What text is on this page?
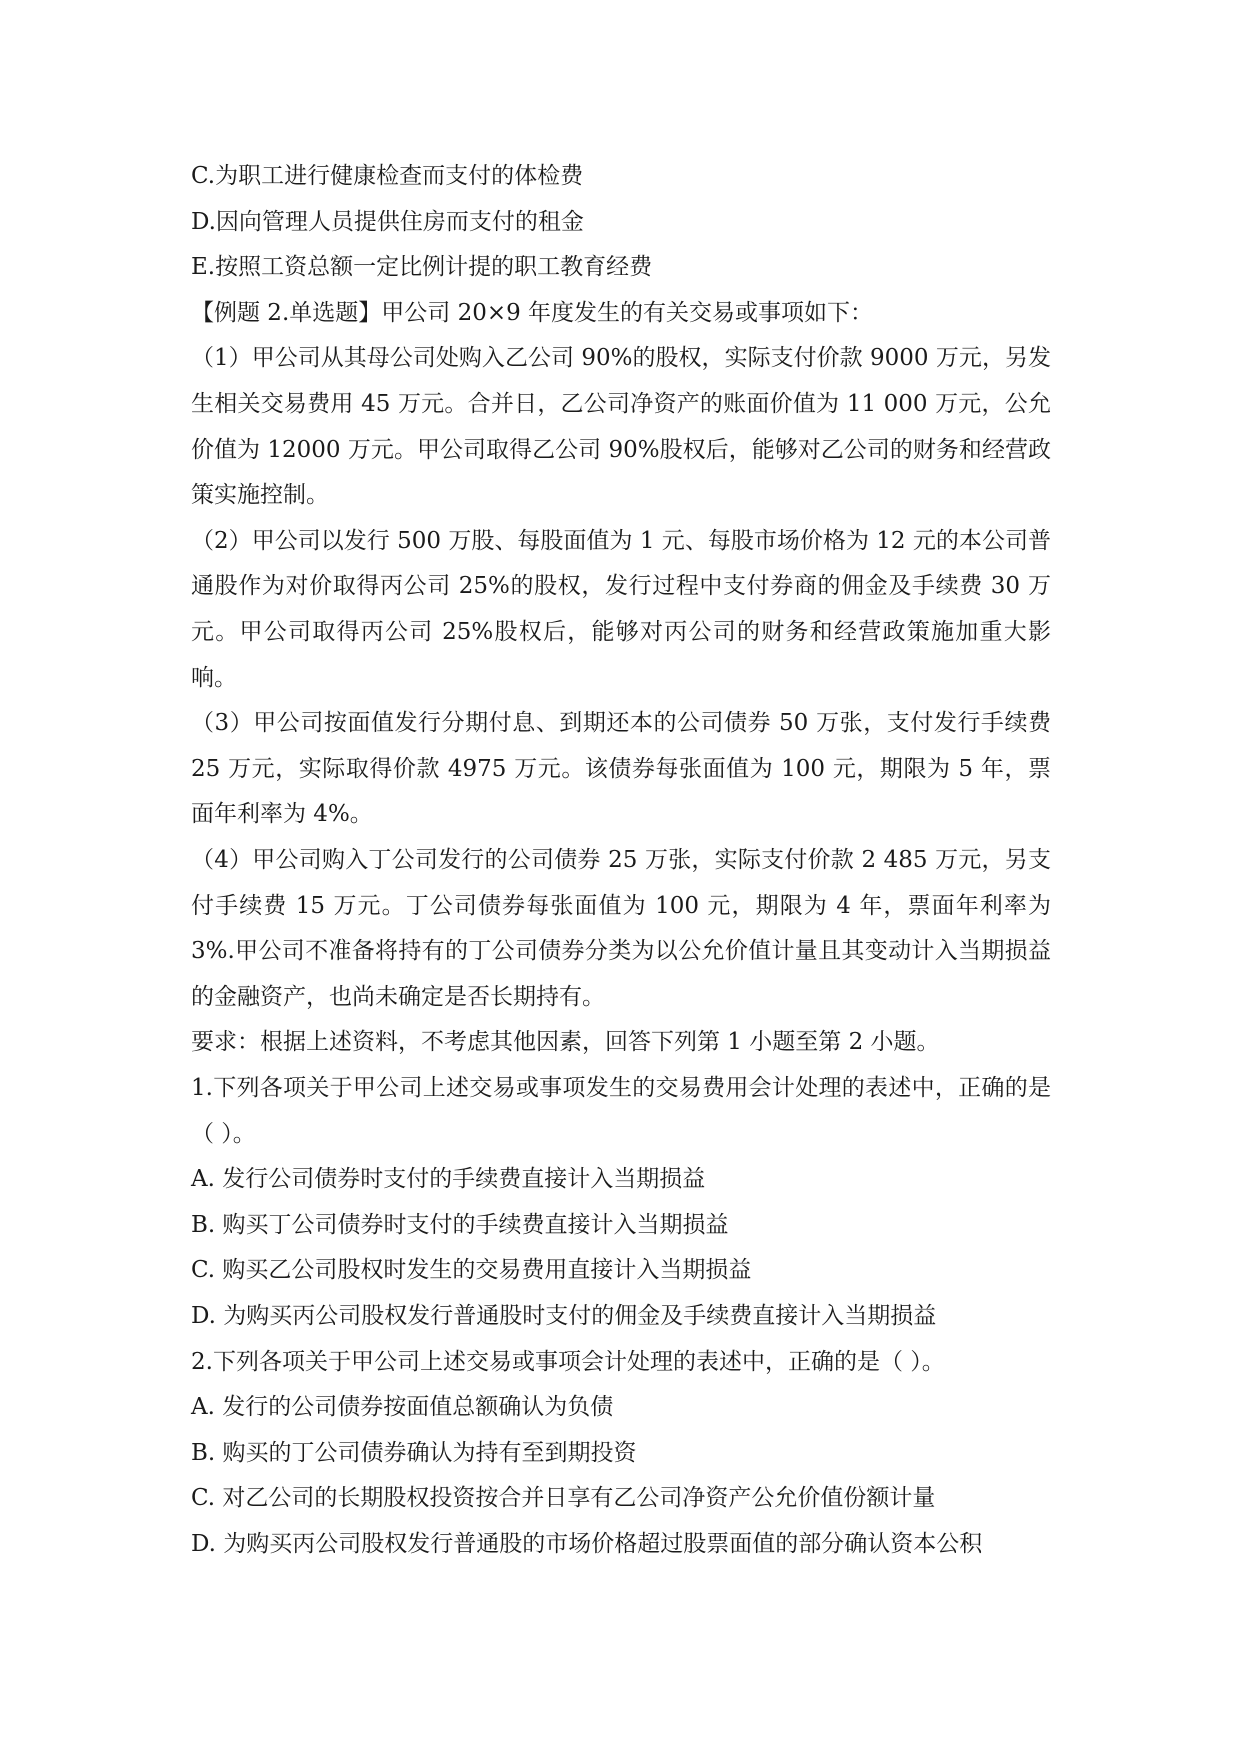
C.为职工进行健康检查而支付的体检费
D.因向管理人员提供住房而支付的租金
E.按照工资总额一定比例计提的职工教育经费
【例题 2.单选题】甲公司 20×9 年度发生的有关交易或事项如下：
（1）甲公司从其母公司处购入乙公司 90%的股权，实际支付价款 9000 万元，另发生相关交易费用 45 万元。合并日，乙公司净资产的账面价值为 11 000 万元，公允价值为 12000 万元。甲公司取得乙公司 90%股权后，能够对乙公司的财务和经营政策实施控制。
（2）甲公司以发行 500 万股、每股面值为 1 元、每股市场价格为 12 元的本公司普通股作为对价取得丙公司 25%的股权，发行过程中支付券商的佣金及手续费 30 万元。甲公司取得丙公司 25%股权后，能够对丙公司的财务和经营政策施加重大影响。
（3）甲公司按面值发行分期付息、到期还本的公司债券 50 万张，支付发行手续费 25 万元，实际取得价款 4975 万元。该债券每张面值为 100 元，期限为 5 年，票面年利率为 4%。
（4）甲公司购入丁公司发行的公司债券 25 万张，实际支付价款 2 485 万元，另支付手续费 15 万元。丁公司债券每张面值为 100 元，期限为 4 年，票面年利率为 3%.甲公司不准备将持有的丁公司债券分类为以公允价值计量且其变动计入当期损益的金融资产，也尚未确定是否长期持有。
要求：根据上述资料，不考虑其他因素，回答下列第 1 小题至第 2 小题。
1.下列各项关于甲公司上述交易或事项发生的交易费用会计处理的表述中，正确的是（ ）。
A. 发行公司债券时支付的手续费直接计入当期损益
B. 购买丁公司债券时支付的手续费直接计入当期损益
C. 购买乙公司股权时发生的交易费用直接计入当期损益
D. 为购买丙公司股权发行普通股时支付的佣金及手续费直接计入当期损益
2.下列各项关于甲公司上述交易或事项会计处理的表述中，正确的是（ ）。
A. 发行的公司债券按面值总额确认为负债
B. 购买的丁公司债券确认为持有至到期投资
C. 对乙公司的长期股权投资按合并日享有乙公司净资产公允价值份额计量
D. 为购买丙公司股权发行普通股的市场价格超过股票面值的部分确认资本公积
